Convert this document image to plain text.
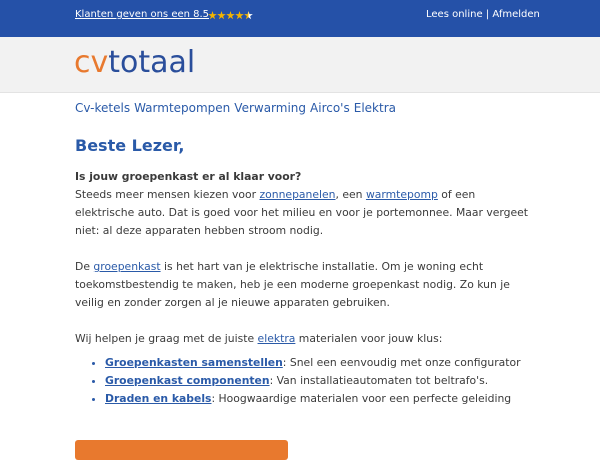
Klanten geven ons een 8.5	Lees online | Afmelden
cvtotaal
Cv-ketels Warmtepompen Verwarming Airco's Elektra
Beste Lezer,

Is jouw groepenkast er al klaar voor?

Steeds meer mensen kiezen voor zonnepanelen, een warmtepomp of een elektrische auto. Dat is goed voor het milieu en voor je portemonnee. Maar vergeet niet: al deze apparaten hebben stroom nodig.

De groepenkast is het hart van je elektrische installatie. Om je woning echt toekomstbestendig te maken, heb je een moderne groepenkast nodig. Zo kun je veilig en zonder zorgen al je nieuwe apparaten gebruiken.

Wij helpen je graag met de juiste elektra materialen voor jouw klus:

• Groepenkasten samenstellen: Snel een eenvoudig met onze configurator
• Groepenkast componenten: Van installatieautomaten tot beltrafo's.
• Draden en kabels: Hoogwaardige materialen voor een perfecte geleiding
